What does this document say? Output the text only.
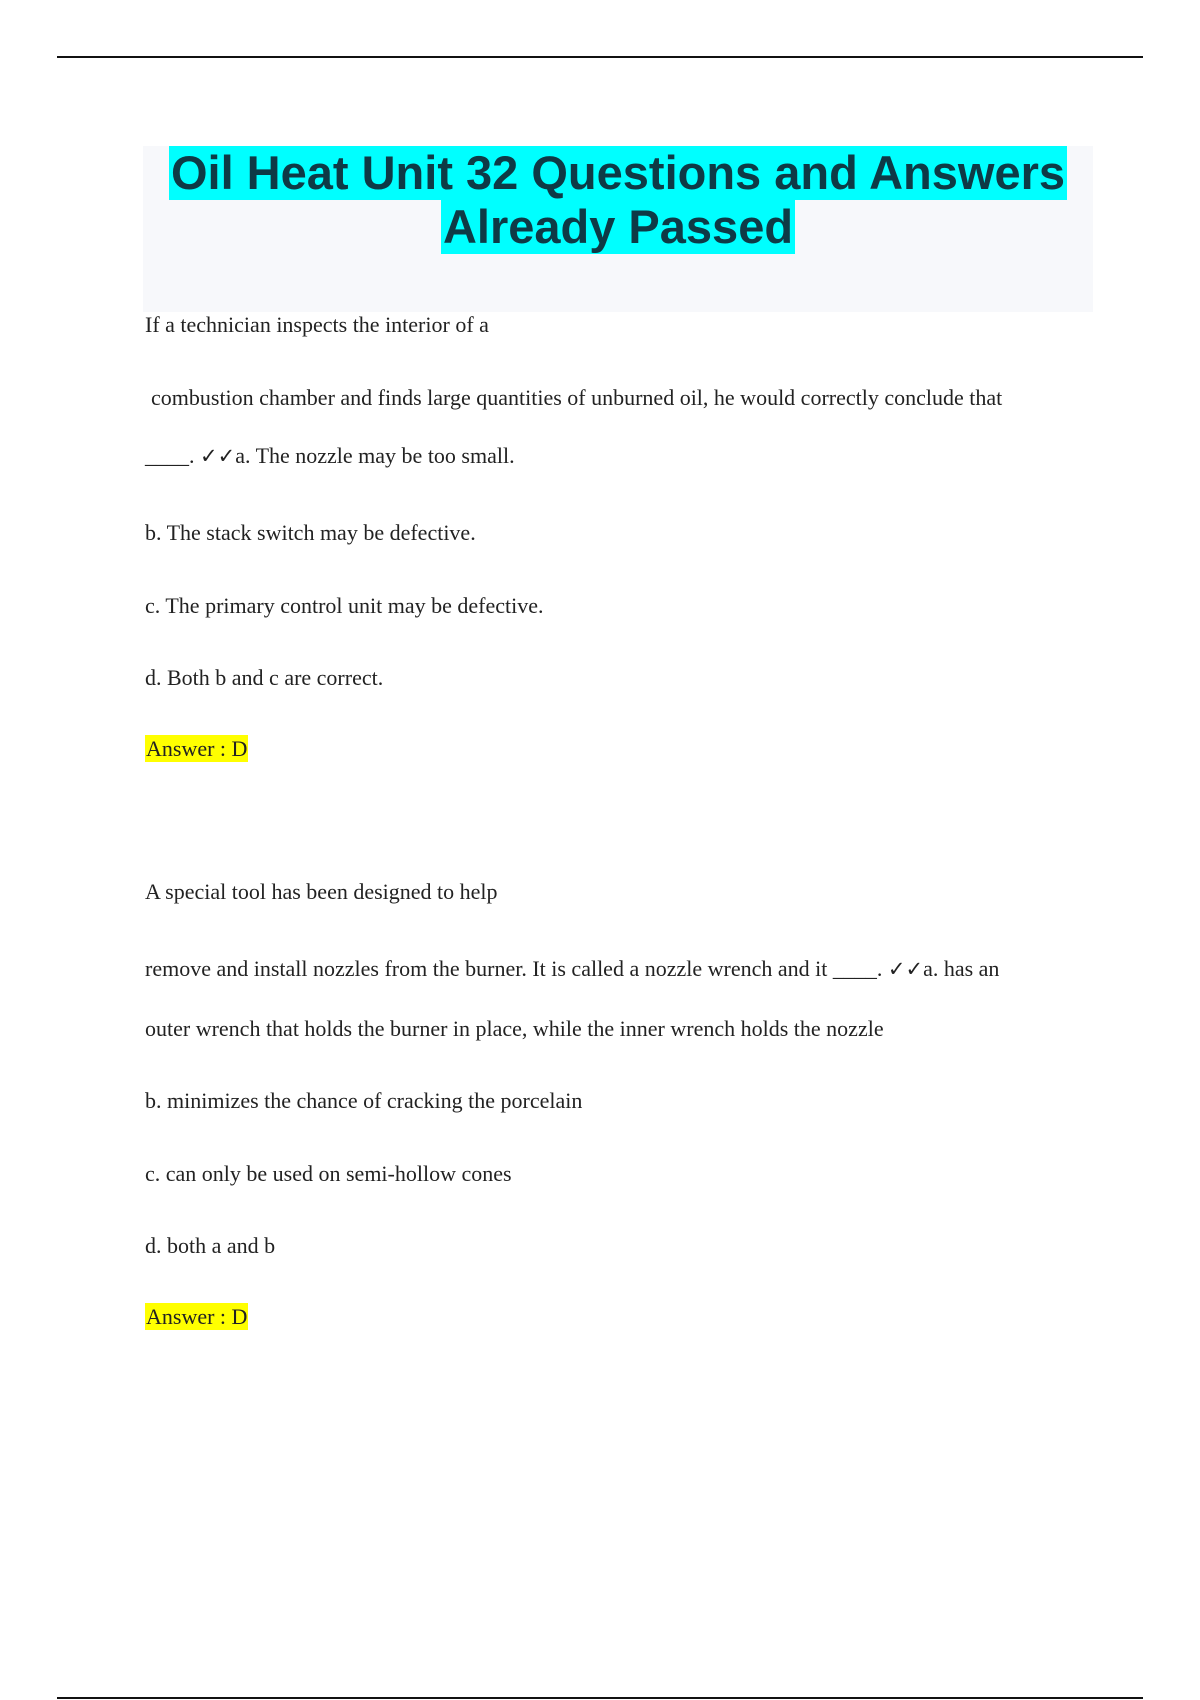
Oil Heat Unit 32 Questions and Answers
Already Passed
If a technician inspects the interior of a
combustion chamber and finds large quantities of unburned oil, he would correctly conclude that
____. ✓✓a. The nozzle may be too small.
b. The stack switch may be defective.
c. The primary control unit may be defective.
d. Both b and c are correct.
Answer : D
A special tool has been designed to help
remove and install nozzles from the burner. It is called a nozzle wrench and it ____. ✓✓a. has an
outer wrench that holds the burner in place, while the inner wrench holds the nozzle
b. minimizes the chance of cracking the porcelain
c. can only be used on semi-hollow cones
d. both a and b
Answer : D
